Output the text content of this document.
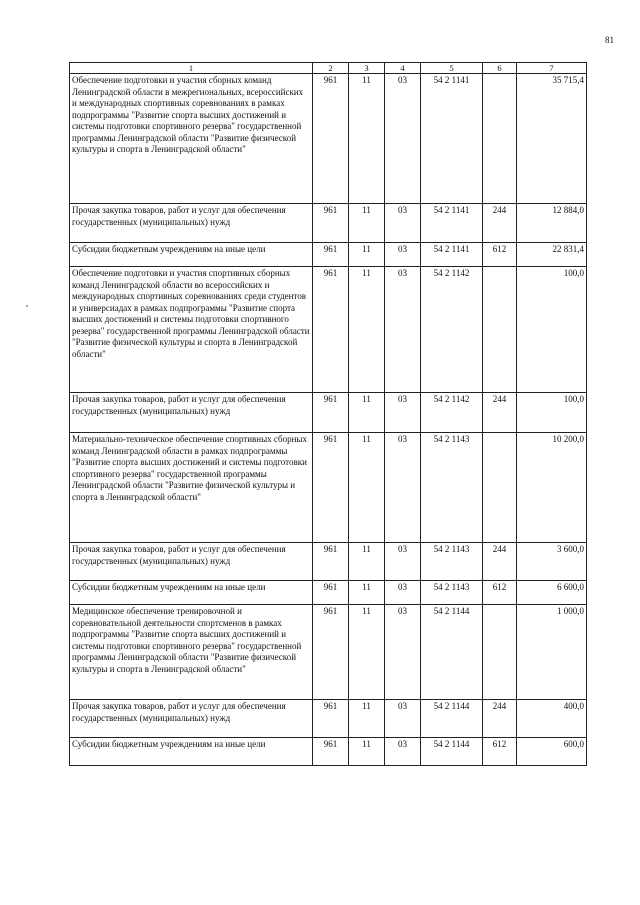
81
1	2	3	4	5	6	7
Обеспечение подготовки и участия сборных команд Ленинградской области в межрегиональных, всероссийских и международных спортивных соревнованиях в рамках подпрограммы "Развитие спорта высших достижений и системы подготовки спортивного резерва" государственной программы Ленинградской области "Развитие физической культуры и спорта в Ленинградской области"	961	11	03	54 2 1141		35 715,4
Прочая закупка товаров, работ и услуг для обеспечения государственных (муниципальных) нужд	961	11	03	54 2 1141	244	12 884,0
Субсидии бюджетным учреждениям на иные цели	961	11	03	54 2 1141	612	22 831,4
Обеспечение подготовки и участия спортивных сборных команд Ленинградской области во всероссийских и международных спортивных соревнованиях среди студентов и универсиадах в рамках подпрограммы "Развитие спорта высших достижений и системы подготовки спортивного резерва" государственной программы Ленинградской области "Развитие физической культуры и спорта в Ленинградской области"	961	11	03	54 2 1142		100,0
Прочая закупка товаров, работ и услуг для обеспечения государственных (муниципальных) нужд	961	11	03	54 2 1142	244	100,0
Материально-техническое обеспечение спортивных сборных команд Ленинградской области в рамках подпрограммы "Развитие спорта высших достижений и системы подготовки спортивного резерва" государственной программы Ленинградской области "Развитие физической культуры и спорта в Ленинградской области"	961	11	03	54 2 1143		10 200,0
Прочая закупка товаров, работ и услуг для обеспечения государственных (муниципальных) нужд	961	11	03	54 2 1143	244	3 600,0
Субсидии бюджетным учреждениям на иные цели	961	11	03	54 2 1143	612	6 600,0
Медицинское обеспечение тренировочной и соревновательной деятельности спортсменов в рамках подпрограммы "Развитие спорта высших достижений и системы подготовки спортивного резерва" государственной программы Ленинградской области "Развитие физической культуры и спорта в Ленинградской области"	961	11	03	54 2 1144		1 000,0
Прочая закупка товаров, работ и услуг для обеспечения государственных (муниципальных) нужд	961	11	03	54 2 1144	244	400,0
Субсидии бюджетным учреждениям на иные цели	961	11	03	54 2 1144	612	600,0
